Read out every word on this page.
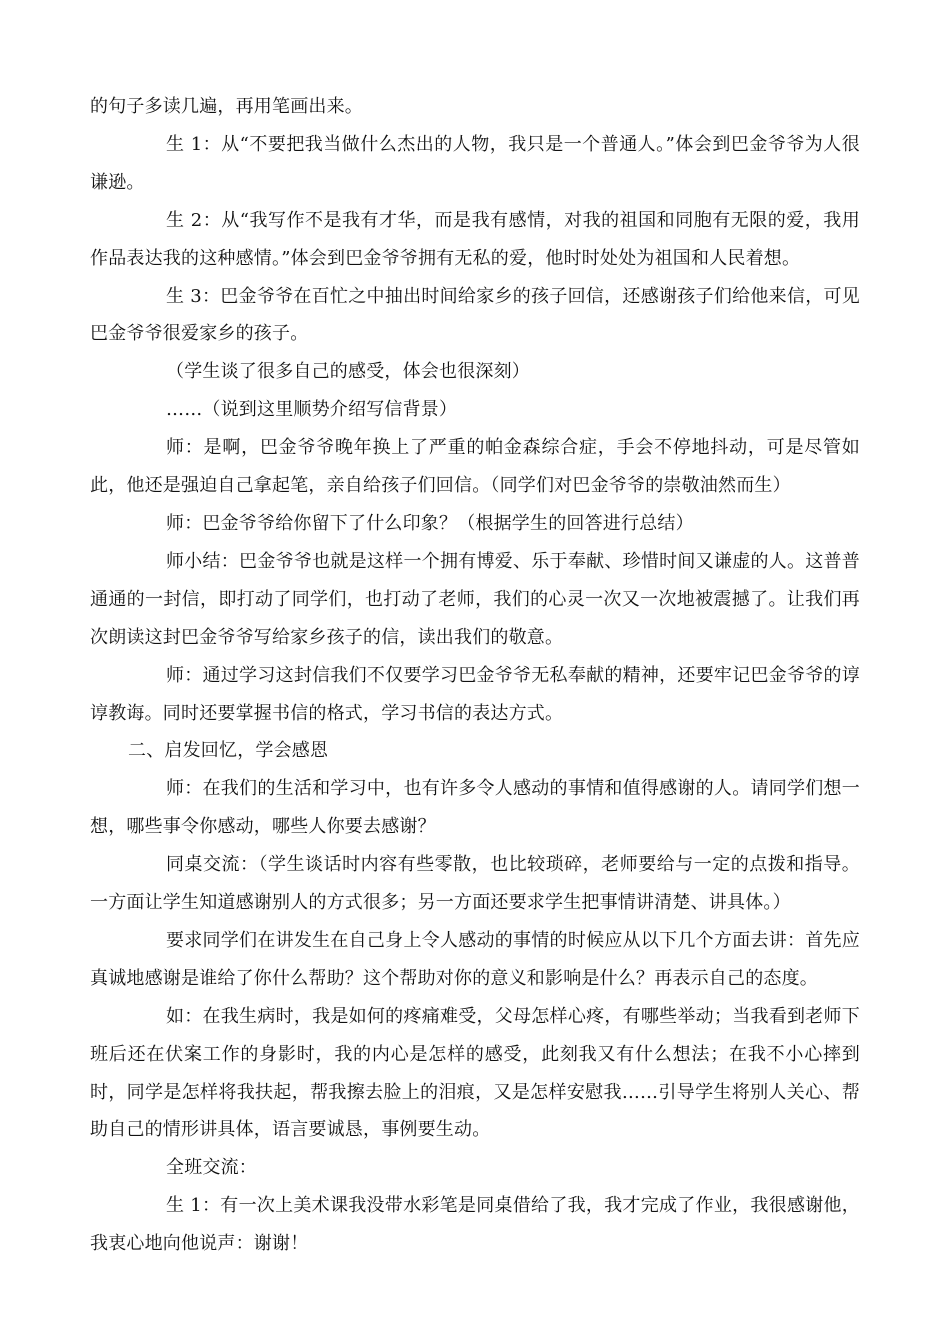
的句子多读几遍，再用笔画出来。

生 1：从“不要把我当做什么杰出的人物，我只是一个普通人。”体会到巴金爷爷为人很谦逊。

生 2：从“我写作不是我有才华，而是我有感情，对我的祖国和同胞有无限的爱，我用作品表达我的这种感情。”体会到巴金爷爷拥有无私的爱，他时时处处为祖国和人民着想。

生 3：巴金爷爷在百忙之中抽出时间给家乡的孩子回信，还感谢孩子们给他来信，可见巴金爷爷很爱家乡的孩子。

（学生谈了很多自己的感受，体会也很深刻）

……（说到这里顺势介绍写信背景）

师：是啊，巴金爷爷晚年换上了严重的帕金森综合症，手会不停地抖动，可是尽管如此，他还是强迫自己拿起笔，亲自给孩子们回信。（同学们对巴金爷爷的崇敬油然而生）

师：巴金爷爷给你留下了什么印象？（根据学生的回答进行总结）

师小结：巴金爷爷也就是这样一个拥有博爱、乐于奉献、珍惜时间又谦虚的人。这普普通通的一封信，即打动了同学们，也打动了老师，我们的心灵一次又一次地被震撼了。让我们再次朗读这封巴金爷爷写给家乡孩子的信，读出我们的敬意。

师：通过学习这封信我们不仅要学习巴金爷爷无私奉献的精神，还要牢记巴金爷爷的谆谆教诲。同时还要掌握书信的格式，学习书信的表达方式。

二、启发回忆，学会感恩

师：在我们的生活和学习中，也有许多令人感动的事情和值得感谢的人。请同学们想一想，哪些事令你感动，哪些人你要去感谢？

同桌交流：（学生谈话时内容有些零散，也比较琐碎，老师要给与一定的点拨和指导。一方面让学生知道感谢别人的方式很多；另一方面还要求学生把事情讲清楚、讲具体。）

要求同学们在讲发生在自己身上令人感动的事情的时候应从以下几个方面去讲：首先应真诚地感谢是谁给了你什么帮助？这个帮助对你的意义和影响是什么？再表示自己的态度。

如：在我生病时，我是如何的疼痛难受，父母怎样心疼，有哪些举动；当我看到老师下班后还在伏案工作的身影时，我的内心是怎样的感受，此刻我又有什么想法；在我不小心摔到时，同学是怎样将我扶起，帮我擦去脸上的泪痕，又是怎样安慰我……引导学生将别人关心、帮助自己的情形讲具体，语言要诚恳，事例要生动。

全班交流：

生 1：有一次上美术课我没带水彩笔是同桌借给了我，我才完成了作业，我很感谢他，我衷心地向他说声：谢谢！
